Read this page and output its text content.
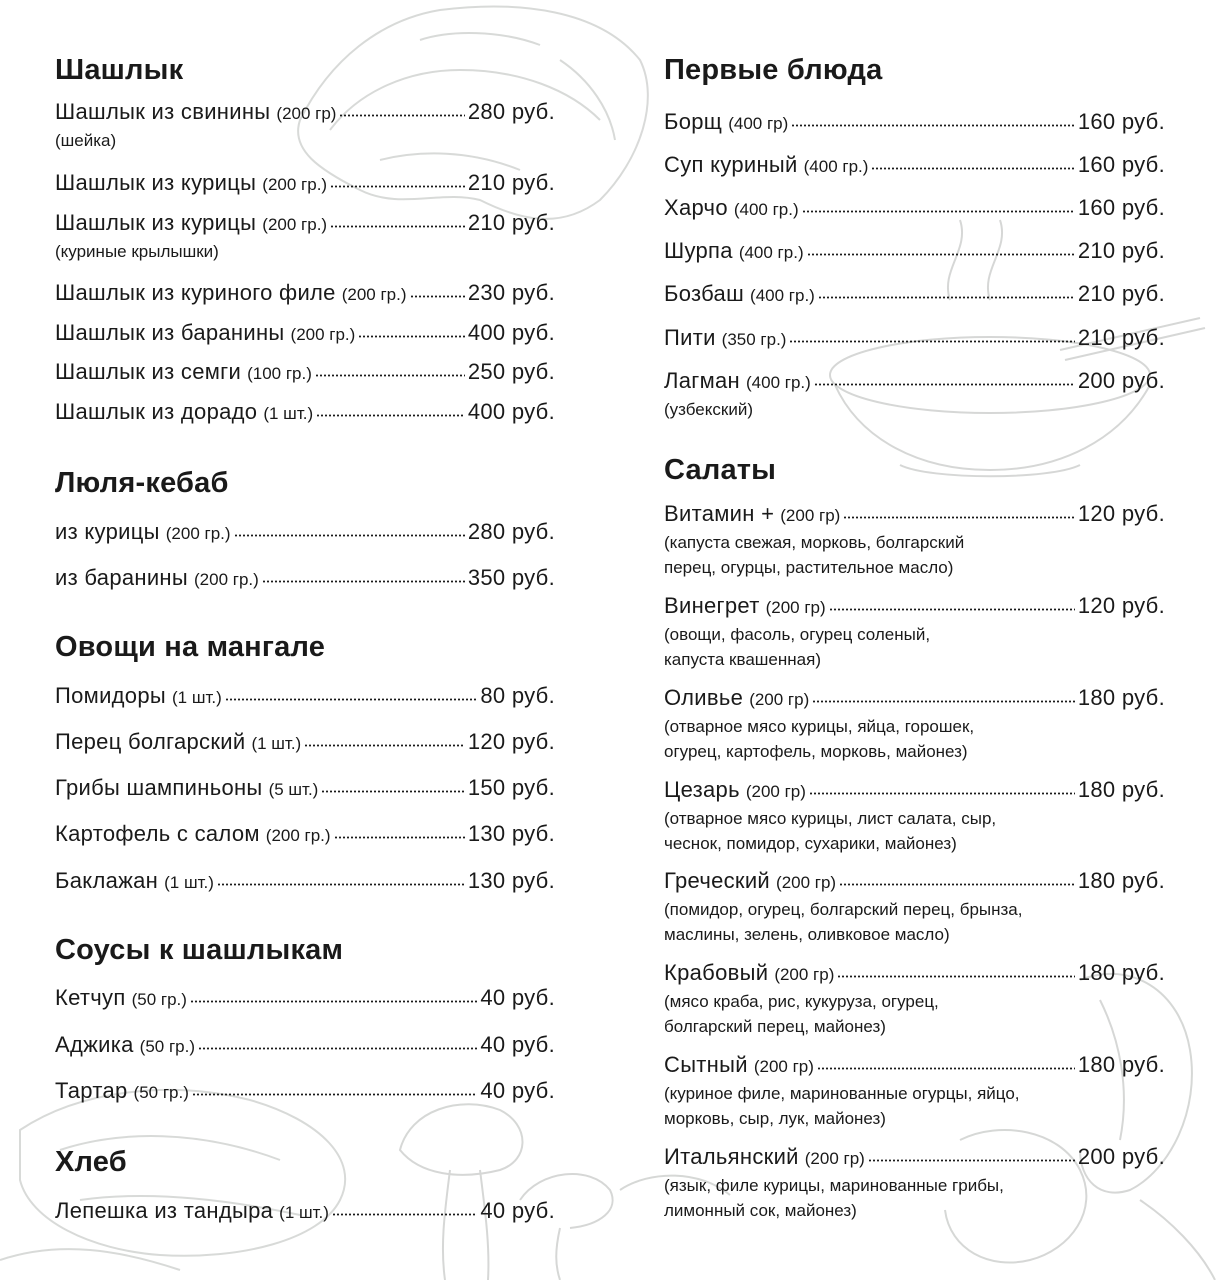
Шашлык
Шашлык из свинины (200 гр)	280 руб.
(шейка)
Шашлык из курицы (200 гр.)	210 руб.
Шашлык из курицы (200 гр.)	210 руб.
(куриные крылышки)
Шашлык из куриного филе (200 гр.)	230 руб.
Шашлык из баранины (200 гр.)	400 руб.
Шашлык из семги (100 гр.)	250 руб.
Шашлык из дорадо (1 шт.)	400 руб.
Люля-кебаб
из курицы (200 гр.)	280 руб.
из баранины (200 гр.)	350 руб.
Овощи на мангале
Помидоры (1 шт.)	80 руб.
Перец болгарский (1 шт.)	120 руб.
Грибы шампиньоны (5 шт.)	150 руб.
Картофель с салом (200 гр.)	130 руб.
Баклажан (1 шт.)	130 руб.
Соусы к шашлыкам
Кетчуп (50 гр.)	40 руб.
Аджика (50 гр.)	40 руб.
Тартар (50 гр.)	40 руб.
Хлеб
Лепешка из тандыра (1 шт.)	40 руб.
Первые блюда
Борщ (400 гр)	160 руб.
Суп куриный (400 гр.)	160 руб.
Харчо (400 гр.)	160 руб.
Шурпа (400 гр.)	210 руб.
Бозбаш (400 гр.)	210 руб.
Пити (350 гр.)	210 руб.
Лагман (400 гр.)	200 руб.
(узбекский)
Салаты
Витамин + (200 гр)	120 руб.
(капуста свежая, морковь, болгарский
перец, огурцы, растительное масло)
Винегрет (200 гр)	120 руб.
(овощи, фасоль, огурец соленый,
капуста квашенная)
Оливье (200 гр)	180 руб.
(отварное мясо курицы, яйца, горошек,
огурец, картофель, морковь, майонез)
Цезарь (200 гр)	180 руб.
(отварное мясо курицы, лист салата, сыр,
чеснок, помидор, сухарики, майонез)
Греческий (200 гр)	180 руб.
(помидор, огурец, болгарский перец, брынза,
маслины, зелень, оливковое масло)
Крабовый (200 гр)	180 руб.
(мясо краба, рис, кукуруза, огурец,
болгарский перец, майонез)
Сытный (200 гр)	180 руб.
(куриное филе, маринованные огурцы, яйцо,
морковь, сыр, лук, майонез)
Итальянский (200 гр)	200 руб.
(язык, филе курицы, маринованные грибы,
лимонный сок, майонез)
